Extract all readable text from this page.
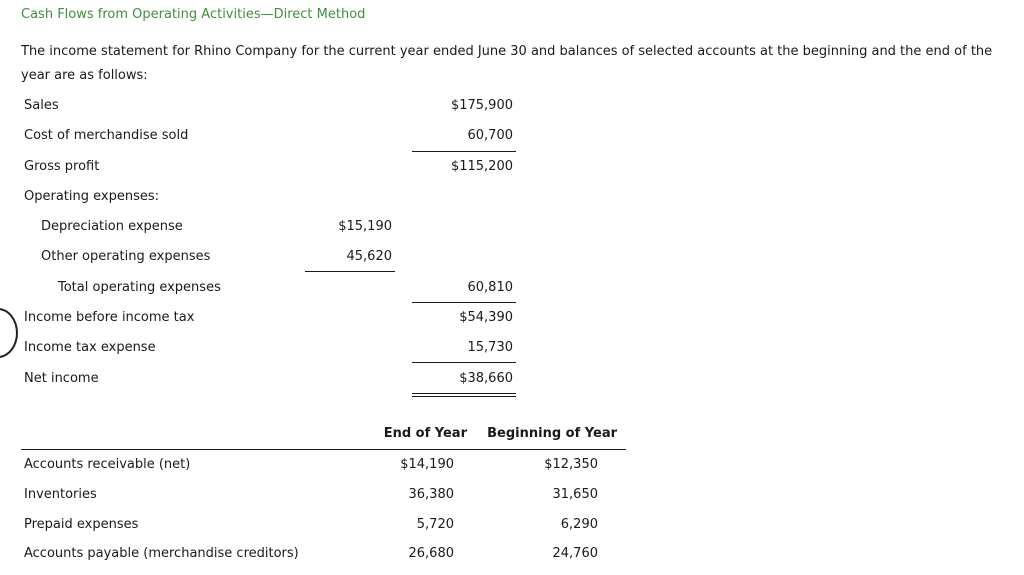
Cash Flows from Operating Activities—Direct Method
The income statement for Rhino Company for the current year ended June 30 and balances of selected accounts at the beginning and the end of the year are as follows:
Sales	$175,900
Cost of merchandise sold	60,700
Gross profit	$115,200
Operating expenses:
Depreciation expense	$15,190
Other operating expenses	45,620
Total operating expenses	60,810
Income before income tax	$54,390
Income tax expense	15,730
Net income	$38,660
End of Year	Beginning of Year
Accounts receivable (net)	$14,190	$12,350
Inventories	36,380	31,650
Prepaid expenses	5,720	6,290
Accounts payable (merchandise creditors)	26,680	24,760
